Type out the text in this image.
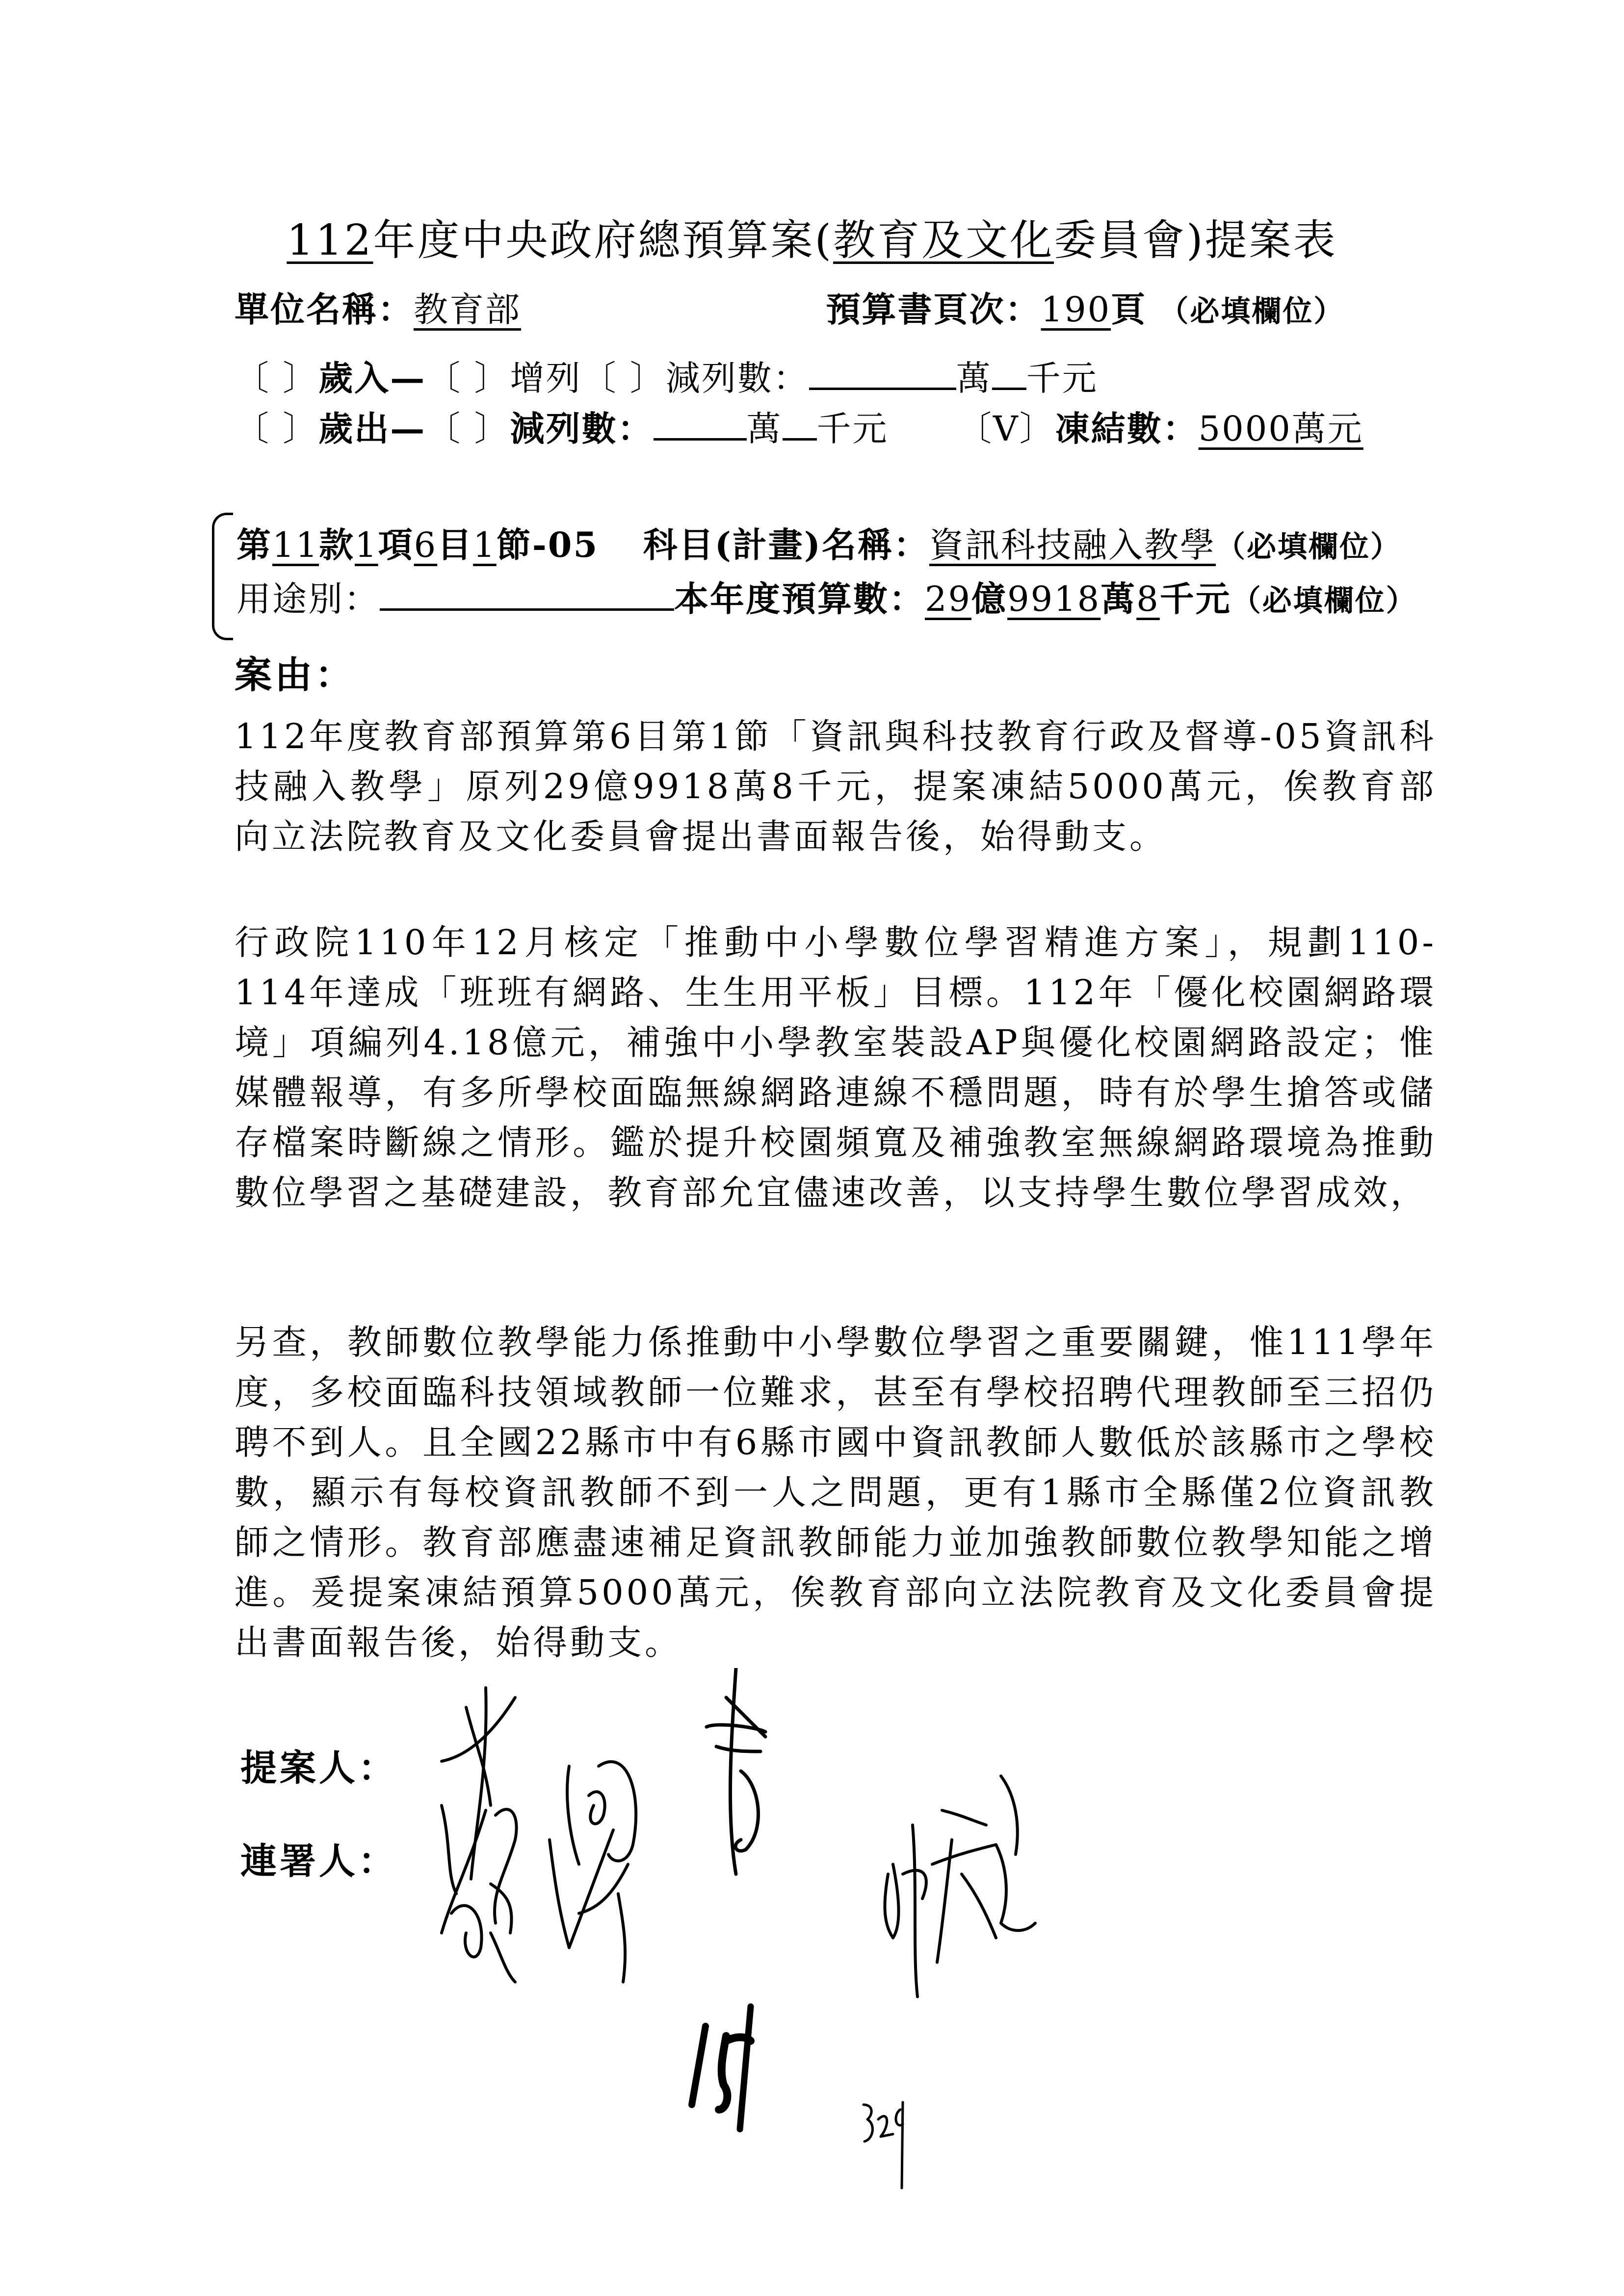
112年度中央政府總預算案(教育及文化委員會)提案表
單位名稱：教育部	預算書頁次：190頁 （必填欄位）
〔 〕歲入—〔 〕增列〔 〕減列數：	萬 千元
〔 〕歲出—〔 〕減列數：	萬 千元 〔V〕凍結數：5000萬元
第11款1項6目1節-05 科目(計畫)名稱：資訊科技融入教學（必填欄位）
用途別：	本年度預算數：29億9918萬8千元（必填欄位）
案由：
112年度教育部預算第6目第1節「資訊與科技教育行政及督導-05資訊科技融入教學」原列29億9918萬8千元，提案凍結5000萬元，俟教育部向立法院教育及文化委員會提出書面報告後，始得動支。
行政院110年12月核定「推動中小學數位學習精進方案」，規劃110-114年達成「班班有網路、生生用平板」目標。112年「優化校園網路環境」項編列4.18億元，補強中小學教室裝設AP與優化校園網路設定；惟媒體報導，有多所學校面臨無線網路連線不穩問題，時有於學生搶答或儲存檔案時斷線之情形。鑑於提升校園頻寬及補強教室無線網路環境為推動數位學習之基礎建設，教育部允宜儘速改善，以支持學生數位學習成效，
另查，教師數位教學能力係推動中小學數位學習之重要關鍵，惟111學年度，多校面臨科技領域教師一位難求，甚至有學校招聘代理教師至三招仍聘不到人。且全國22縣市中有6縣市國中資訊教師人數低於該縣市之學校數，顯示有每校資訊教師不到一人之問題，更有1縣市全縣僅2位資訊教師之情形。教育部應盡速補足資訊教師能力並加強教師數位教學知能之增進。爰提案凍結預算5000萬元，俟教育部向立法院教育及文化委員會提出書面報告後，始得動支。
提案人：
連署人：
